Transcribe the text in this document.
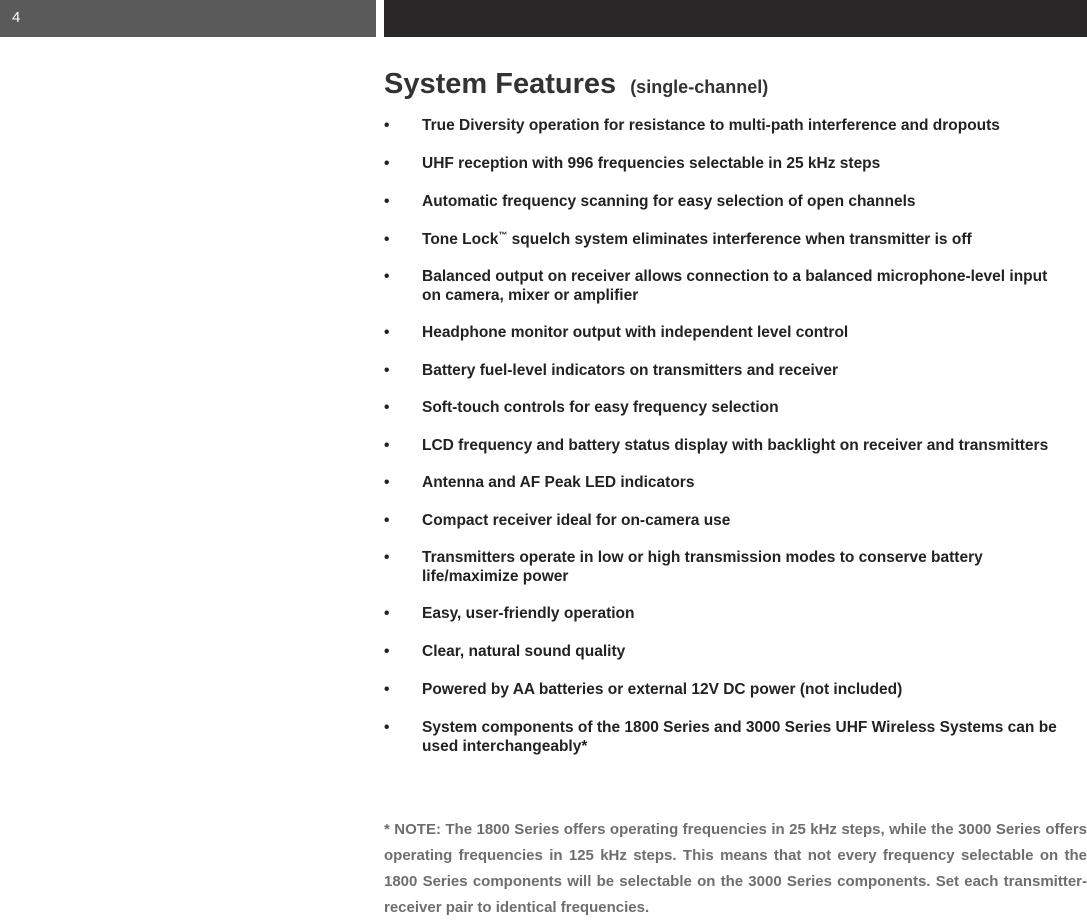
4
System Features (single-channel)
• True Diversity operation for resistance to multi-path interference and dropouts
• UHF reception with 996 frequencies selectable in 25 kHz steps
• Automatic frequency scanning for easy selection of open channels
• Tone Lock™ squelch system eliminates interference when transmitter is off
• Balanced output on receiver allows connection to a balanced microphone-level input on camera, mixer or amplifier
• Headphone monitor output with independent level control
• Battery fuel-level indicators on transmitters and receiver
• Soft-touch controls for easy frequency selection
• LCD frequency and battery status display with backlight on receiver and transmitters
• Antenna and AF Peak LED indicators
• Compact receiver ideal for on-camera use
• Transmitters operate in low or high transmission modes to conserve battery life/maximize power
• Easy, user-friendly operation
• Clear, natural sound quality
• Powered by AA batteries or external 12V DC power (not included)
• System components of the 1800 Series and 3000 Series UHF Wireless Systems can be used interchangeably*

* NOTE: The 1800 Series offers operating frequencies in 25 kHz steps, while the 3000 Series offers operating frequencies in 125 kHz steps. This means that not every frequency selectable on the 1800 Series components will be selectable on the 3000 Series components. Set each transmitter-receiver pair to identical frequencies.
